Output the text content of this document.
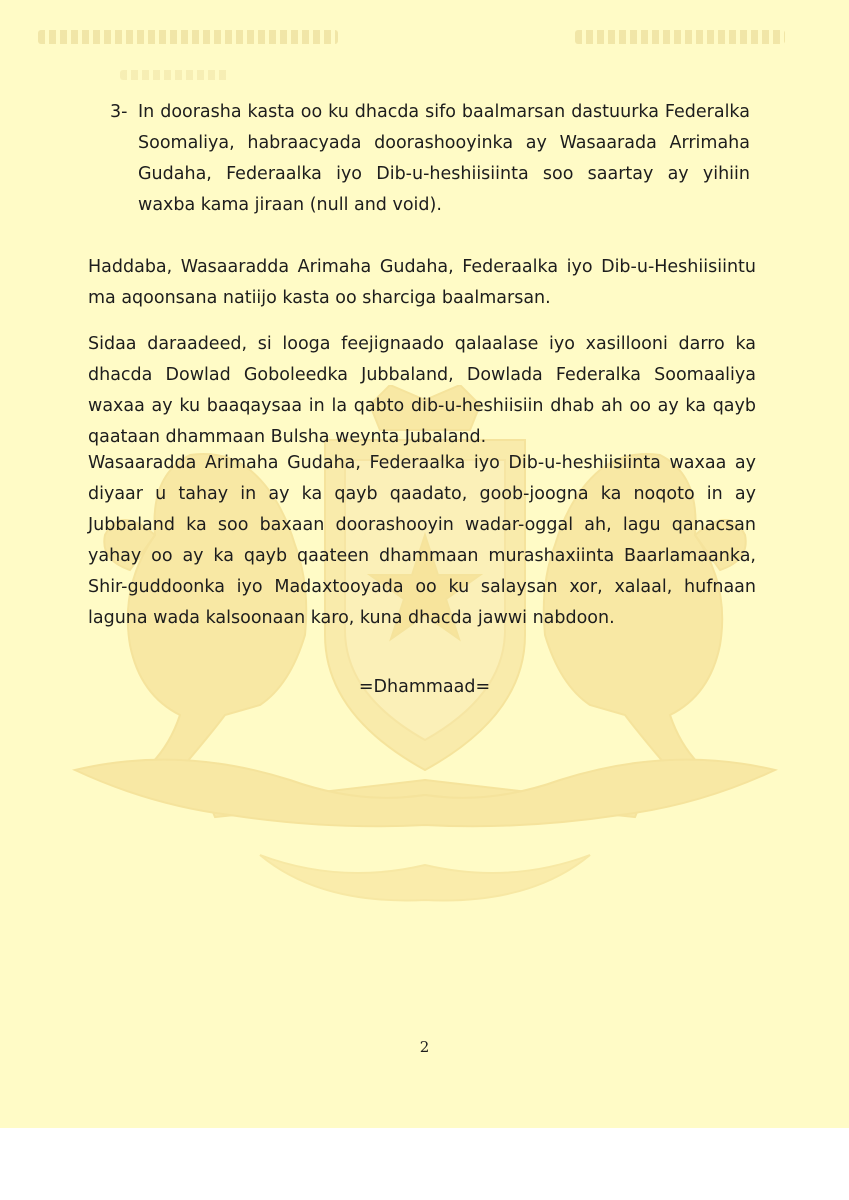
3- In doorasha kasta oo ku dhacda sifo baalmarsan dastuurka Federalka Soomaliya, habraacyada doorashooyinka ay Wasaarada Arrimaha Gudaha, Federaalka iyo Dib-u-heshiisiinta soo saartay ay yihiin waxba kama jiraan (null and void).
Haddaba, Wasaaradda Arimaha Gudaha, Federaalka iyo Dib-u-Heshiisiintu ma aqoonsana natiijo kasta oo sharciga baalmarsan.
Sidaa daraadeed, si looga feejignaado qalaalase iyo xasillooni darro ka dhacda Dowlad Goboleedka Jubbaland, Dowlada Federalka Soomaaliya waxaa ay ku baaqaysaa in la qabto dib-u-heshiisiin dhab ah oo ay ka qayb qaataan dhammaan Bulsha weynta Jubaland.
Wasaaradda Arimaha Gudaha, Federaalka iyo Dib-u-heshiisiinta waxaa ay diyaar u tahay in ay ka qayb qaadato, goob-joogna ka noqoto in ay Jubbaland ka soo baxaan doorashooyin wadar-oggal ah, lagu qanacsan yahay oo ay ka qayb qaateen dhammaan murashaxiinta Baarlamaanka, Shir-guddoonka iyo Madaxtooyada oo ku salaysan xor, xalaal, hufnaan laguna wada kalsoonaan karo, kuna dhacda jawwi nabdoon.
=Dhammaad=
2
